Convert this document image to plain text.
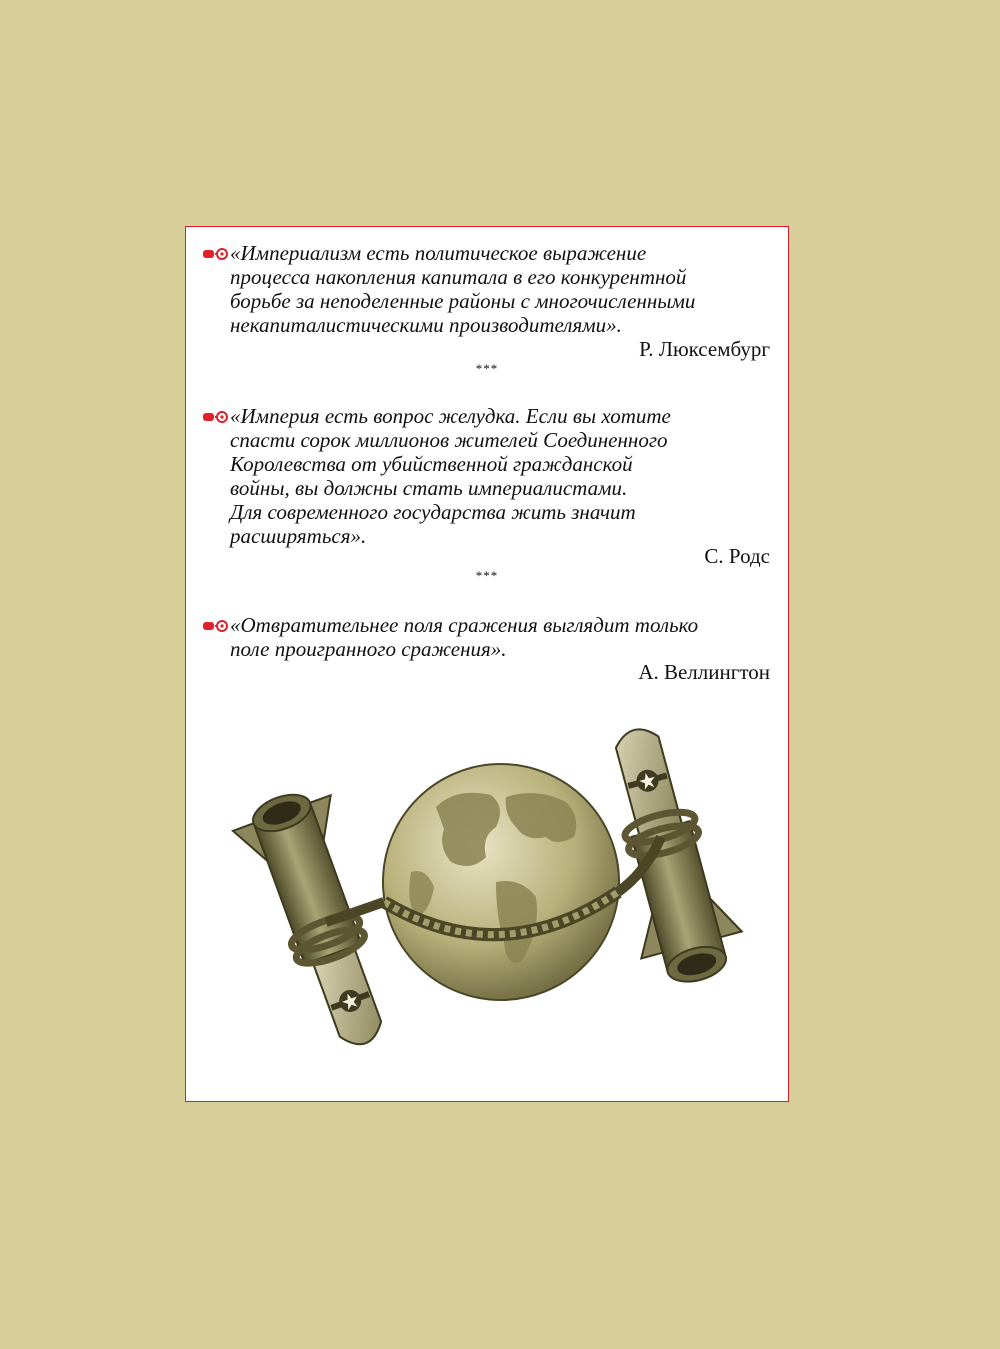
«Империализм есть политическое выражение
процесса накопления капитала в его конкурентной
борьбе за неподеленные районы с многочисленными
некапиталистическими производителями».
Р. Люксембург
***
«Империя есть вопрос желудка. Если вы хотите
спасти сорок миллионов жителей Соединенного
Королевства от убийственной гражданской
войны, вы должны стать империалистами.
Для современного государства жить значит
расширяться».
С. Родс
***
«Отвратительнее поля сражения выглядит только
поле проигранного сражения».
А. Веллингтон
